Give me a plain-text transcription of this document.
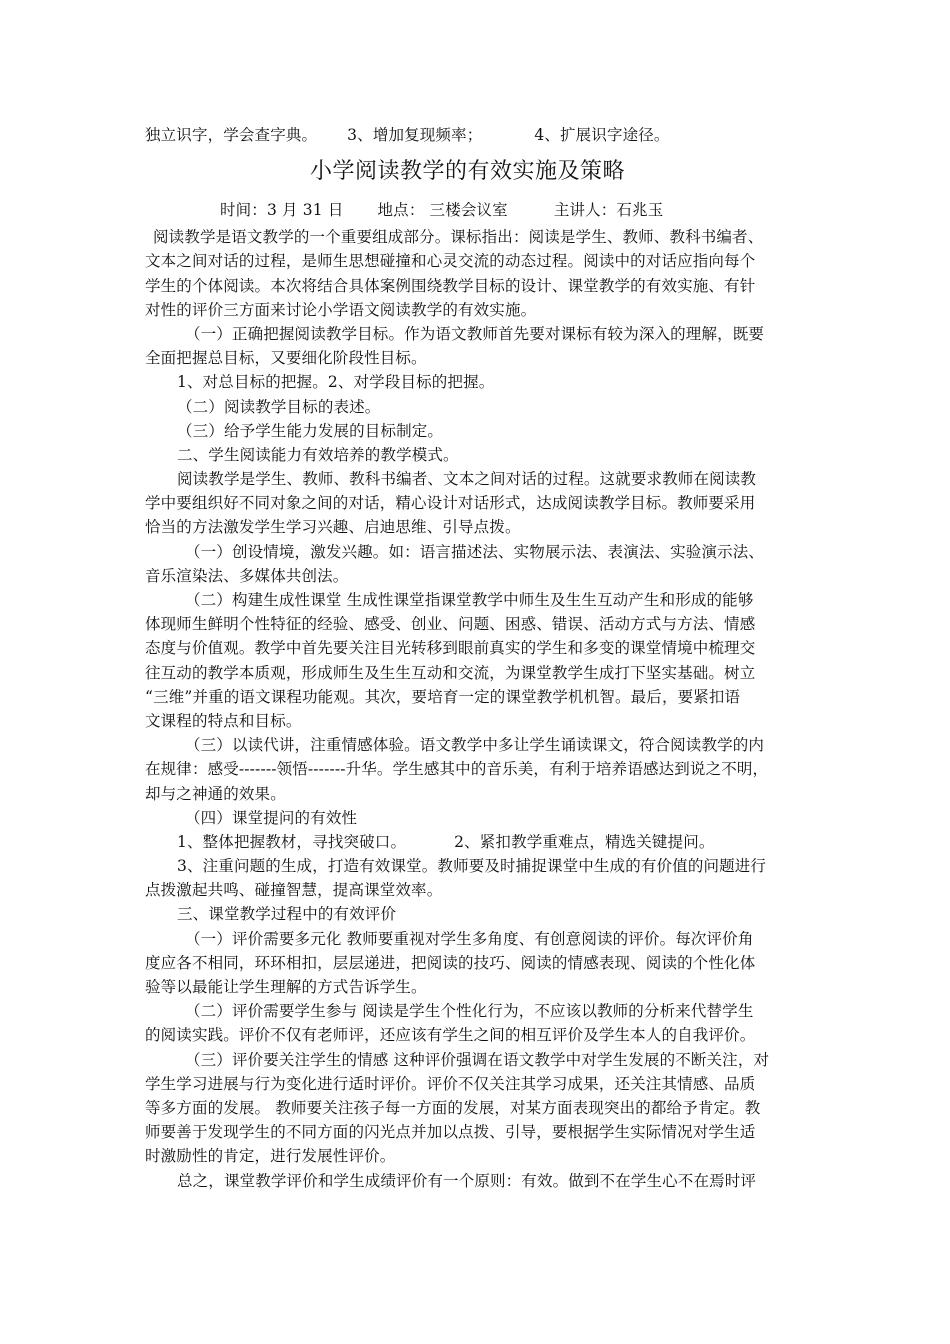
独立识字，学会查字典。 3、增加复现频率；	4、扩展识字途径。
小学阅读教学的有效实施及策略
时间：3 月 31 日 地点： 三楼会议室	主讲人：石兆玉
阅读教学是语文教学的一个重要组成部分。课标指出：阅读是学生、教师、教科书编者、
文本之间对话的过程，是师生思想碰撞和心灵交流的动态过程。阅读中的对话应指向每个
学生的个体阅读。本次将结合具体案例围绕教学目标的设计、课堂教学的有效实施、有针
对性的评价三方面来讨论小学语文阅读教学的有效实施。
（一）正确把握阅读教学目标。作为语文教师首先要对课标有较为深入的理解，既要
全面把握总目标，又要细化阶段性目标。
1、对总目标的把握。2、对学段目标的把握。
（二）阅读教学目标的表述。
（三）给予学生能力发展的目标制定。
二、学生阅读能力有效培养的教学模式。
阅读教学是学生、教师、教科书编者、文本之间对话的过程。这就要求教师在阅读教
学中要组织好不同对象之间的对话，精心设计对话形式，达成阅读教学目标。教师要采用
恰当的方法激发学生学习兴趣、启迪思维、引导点拨。
（一）创设情境，激发兴趣。如：语言描述法、实物展示法、表演法、实验演示法、
音乐渲染法、多媒体共创法。
（二）构建生成性课堂 生成性课堂指课堂教学中师生及生生互动产生和形成的能够
体现师生鲜明个性特征的经验、感受、创业、问题、困惑、错误、活动方式与方法、情感
态度与价值观。教学中首先要关注目光转移到眼前真实的学生和多变的课堂情境中梳理交
往互动的教学本质观，形成师生及生生互动和交流，为课堂教学生成打下坚实基础。树立
“三维”并重的语文课程功能观。其次，要培育一定的课堂教学机机智。最后，要紧扣语
文课程的特点和目标。
（三）以读代讲，注重情感体验。语文教学中多让学生诵读课文，符合阅读教学的内
在规律：感受-------领悟-------升华。学生感其中的音乐美，有利于培养语感达到说之不明，
却与之神通的效果。
（四）课堂提问的有效性
1、整体把握教材，寻找突破口。	2、紧扣教学重难点，精选关键提问。
3、注重问题的生成，打造有效课堂。教师要及时捕捉课堂中生成的有价值的问题进行
点拨激起共鸣、碰撞智慧，提高课堂效率。
三、课堂教学过程中的有效评价
（一）评价需要多元化 教师要重视对学生多角度、有创意阅读的评价。每次评价角
度应各不相同，环环相扣，层层递进，把阅读的技巧、阅读的情感表现、阅读的个性化体
验等以最能让学生理解的方式告诉学生。
（二）评价需要学生参与 阅读是学生个性化行为，不应该以教师的分析来代替学生
的阅读实践。评价不仅有老师评，还应该有学生之间的相互评价及学生本人的自我评价。
（三）评价要关注学生的情感 这种评价强调在语文教学中对学生发展的不断关注，对
学生学习进展与行为变化进行适时评价。评价不仅关注其学习成果，还关注其情感、品质
等多方面的发展。 教师要关注孩子每一方面的发展，对某方面表现突出的都给予肯定。教
师要善于发现学生的不同方面的闪光点并加以点拨、引导，要根据学生实际情况对学生适
时激励性的肯定，进行发展性评价。
总之，课堂教学评价和学生成绩评价有一个原则：有效。做到不在学生心不在焉时评
